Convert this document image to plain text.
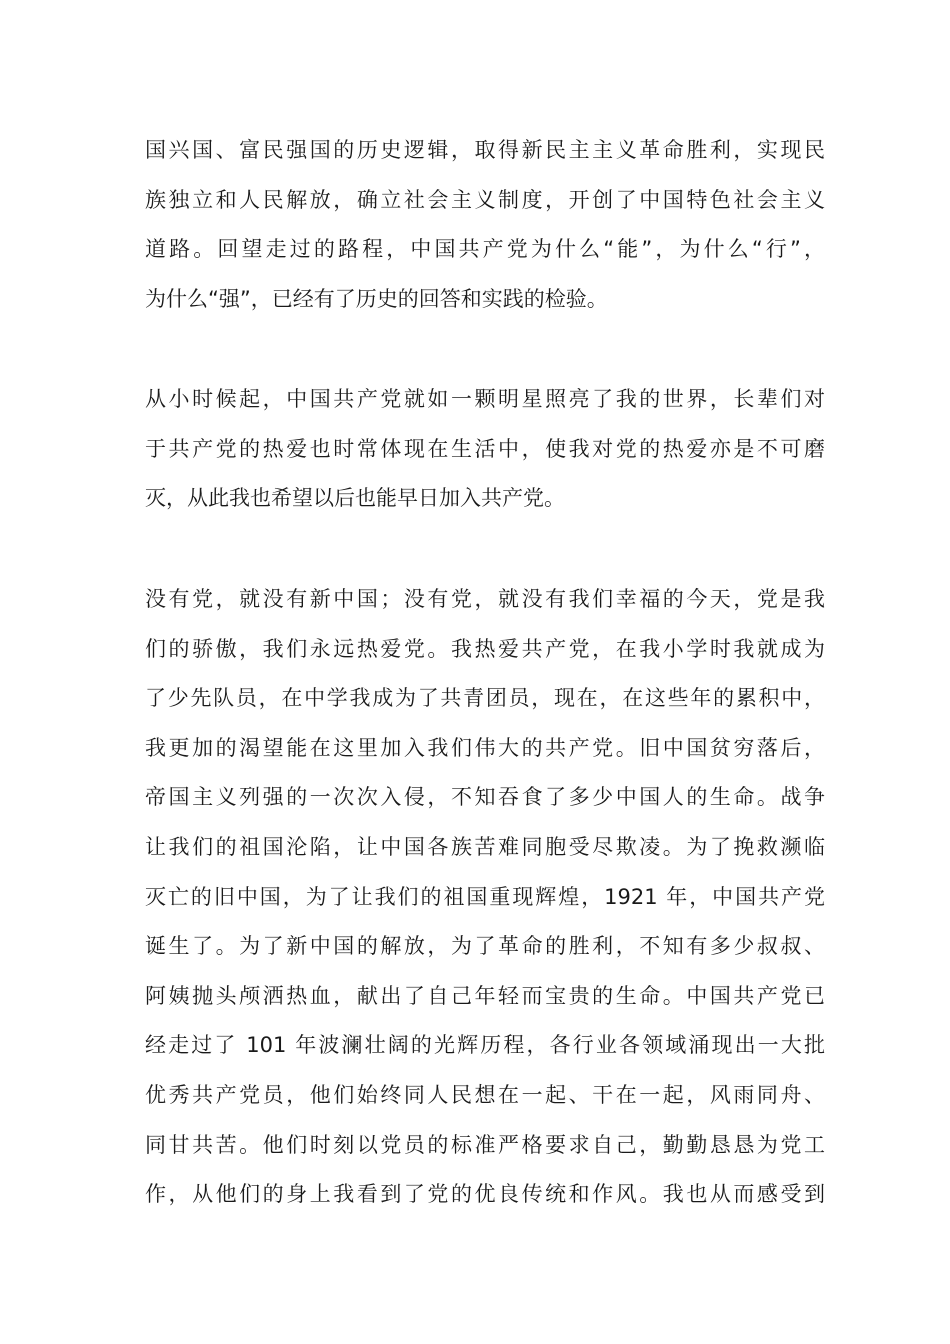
国兴国、富民强国的历史逻辑，取得新民主主义革命胜利，实现民
族独立和人民解放，确立社会主义制度，开创了中国特色社会主义
道路。回望走过的路程，中国共产党为什么“能”，为什么“行”，
为什么“强”，已经有了历史的回答和实践的检验。
从小时候起，中国共产党就如一颗明星照亮了我的世界，长辈们对
于共产党的热爱也时常体现在生活中，使我对党的热爱亦是不可磨
灭，从此我也希望以后也能早日加入共产党。
没有党，就没有新中国；没有党，就没有我们幸福的今天，党是我
们的骄傲，我们永远热爱党。我热爱共产党，在我小学时我就成为
了少先队员，在中学我成为了共青团员，现在，在这些年的累积中，
我更加的渴望能在这里加入我们伟大的共产党。旧中国贫穷落后，
帝国主义列强的一次次入侵，不知吞食了多少中国人的生命。战争
让我们的祖国沦陷，让中国各族苦难同胞受尽欺凌。为了挽救濒临
灭亡的旧中国，为了让我们的祖国重现辉煌，1921 年，中国共产党
诞生了。为了新中国的解放，为了革命的胜利，不知有多少叔叔、
阿姨抛头颅洒热血，献出了自己年轻而宝贵的生命。中国共产党已
经走过了 101 年波澜壮阔的光辉历程，各行业各领域涌现出一大批
优秀共产党员，他们始终同人民想在一起、干在一起，风雨同舟、
同甘共苦。他们时刻以党员的标准严格要求自己，勤勤恳恳为党工
作，从他们的身上我看到了党的优良传统和作风。我也从而感受到
